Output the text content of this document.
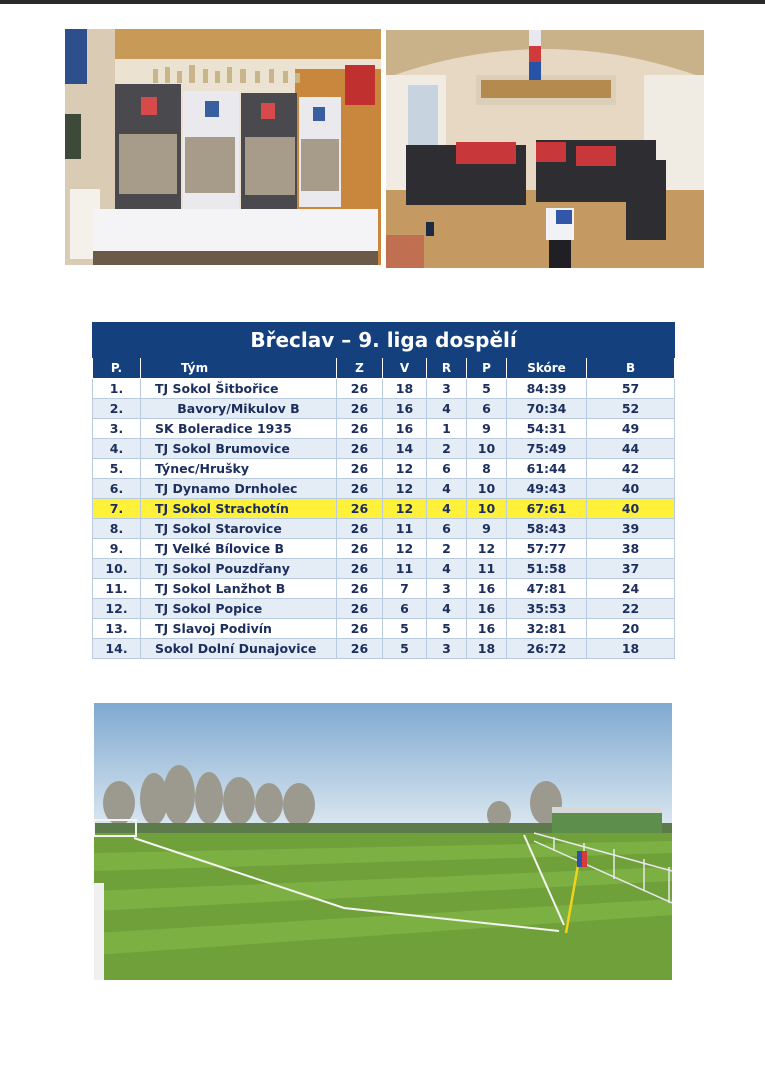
Břeclav – 9. liga dospělí							
P.	Tým	Z	V	R	P	Skóre	B
1.	TJ Sokol Šitbořice	26	18	3	5	84:39	57
2.	Bavory/Mikulov B	26	16	4	6	70:34	52
3.	SK Boleradice 1935	26	16	1	9	54:31	49
4.	TJ Sokol Brumovice	26	14	2	10	75:49	44
5.	Týnec/Hrušky	26	12	6	8	61:44	42
6.	TJ Dynamo Drnholec	26	12	4	10	49:43	40
7.	TJ Sokol Strachotín	26	12	4	10	67:61	40
8.	TJ Sokol Starovice	26	11	6	9	58:43	39
9.	TJ Velké Bílovice B	26	12	2	12	57:77	38
10.	TJ Sokol Pouzdřany	26	11	4	11	51:58	37
11.	TJ Sokol Lanžhot B	26	7	3	16	47:81	24
12.	TJ Sokol Popice	26	6	4	16	35:53	22
13.	TJ Slavoj Podivín	26	5	5	16	32:81	20
14.	Sokol Dolní Dunajovice	26	5	3	18	26:72	18
